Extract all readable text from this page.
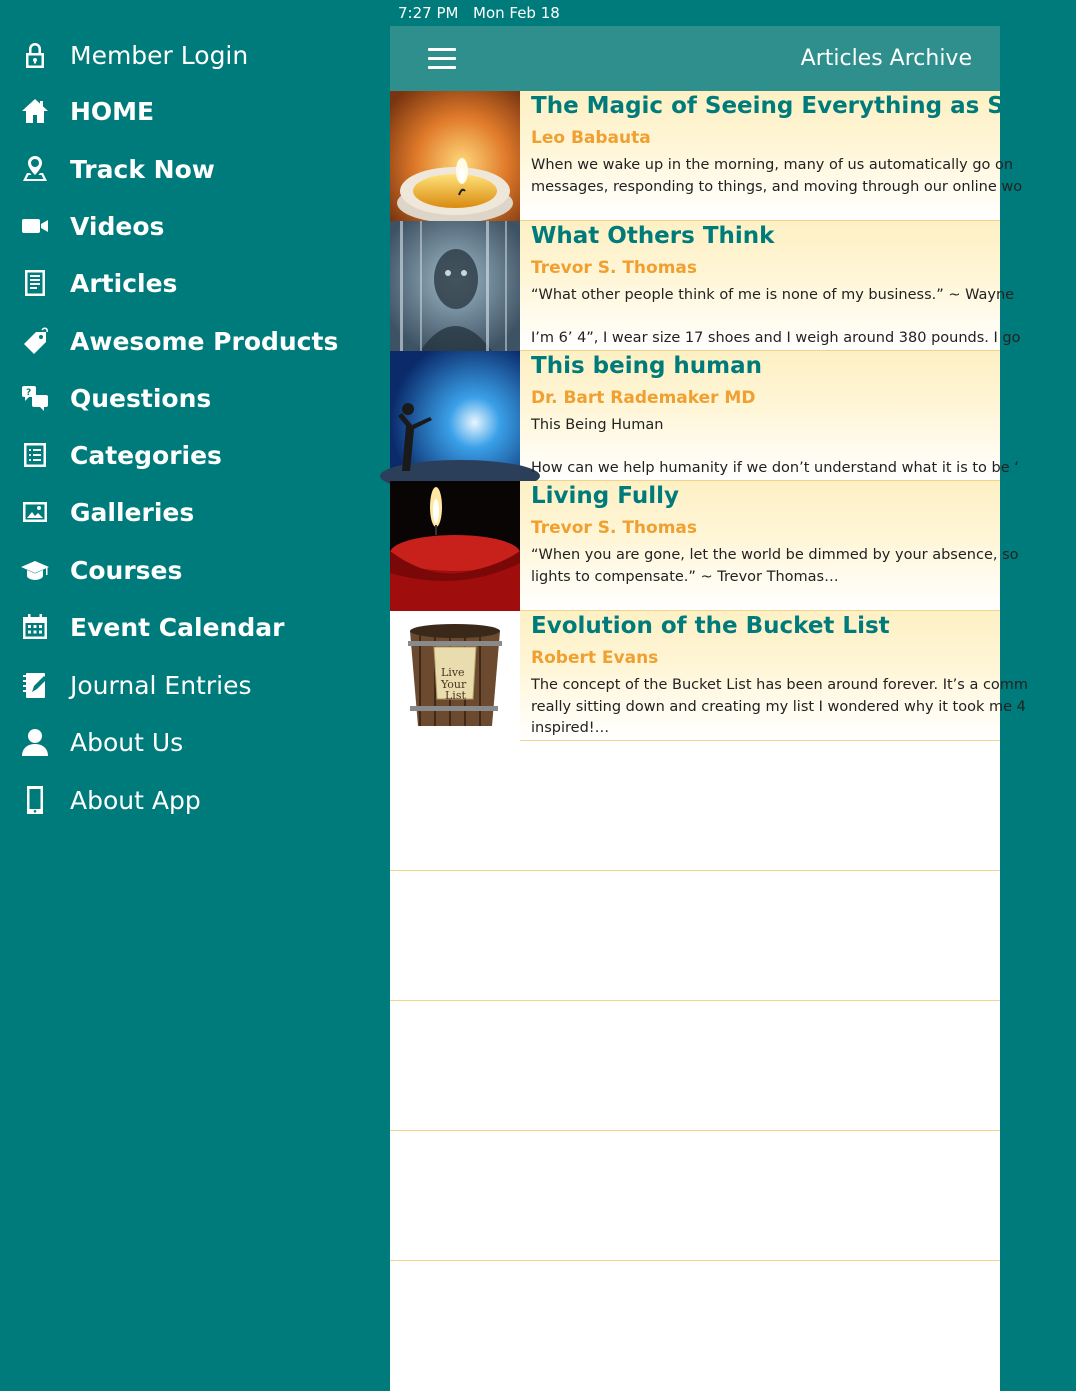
Member Login
HOME
Track Now
Videos
Articles
Awesome Products
? Questions
Categories
Galleries
Courses
Event Calendar
Journal Entries
About Us
About App
7:27 PM Mon Feb 18
Articles Archive
The Magic of Seeing Everything as Sacred
Leo Babauta
When we wake up in the morning, many of us automatically go on
messages, responding to things, and moving through our online wo
What Others Think
Trevor S. Thomas
“What other people think of me is none of my business.” ~ Wayne

I’m 6’ 4”, I wear size 17 shoes and I weigh around 380 pounds. I go
This being human
Dr. Bart Rademaker MD
This Being Human

How can we help humanity if we don’t understand what it is to be ‘
Living Fully
Trevor S. Thomas
“When you are gone, let the world be dimmed by your absence, so
lights to compensate.” ~ Trevor Thomas…
Live
Your
List
Evolution of the Bucket List
Robert Evans
The concept of the Bucket List has been around forever. It’s a comm
really sitting down and creating my list I wondered why it took me 4
inspired!…
